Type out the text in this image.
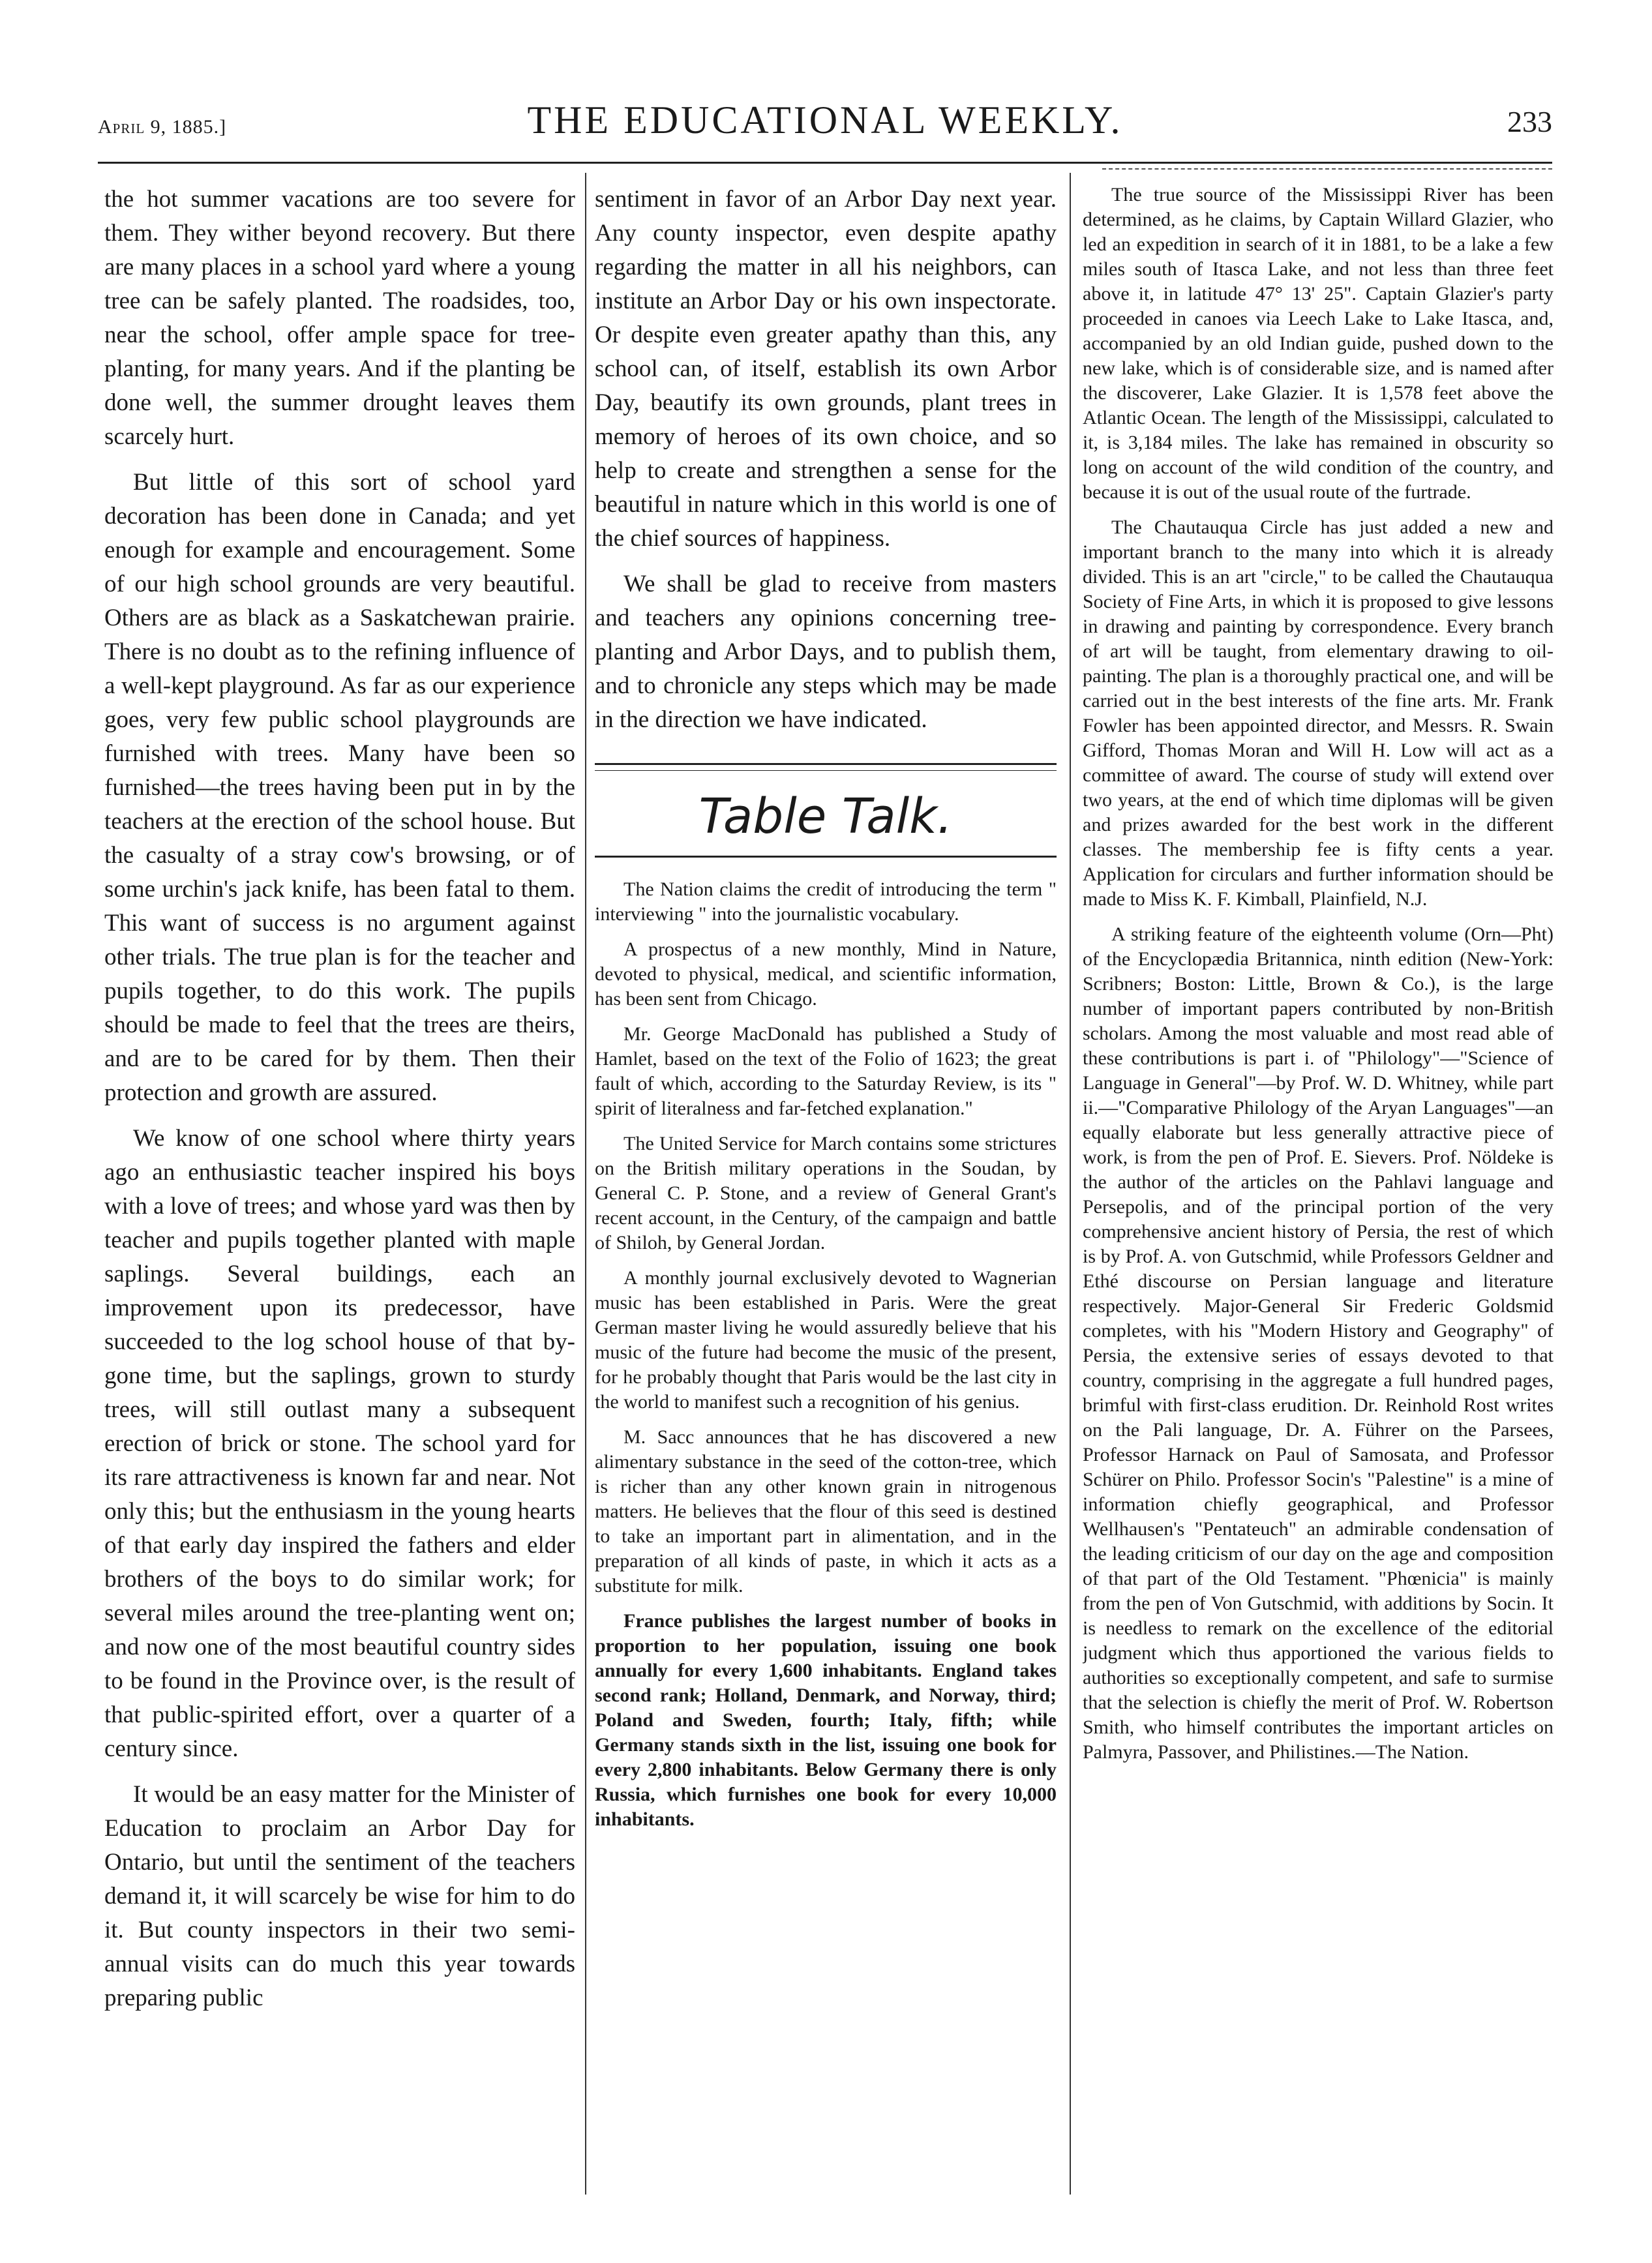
April 9, 1885.]	THE EDUCATIONAL WEEKLY.	233

the hot summer vacations are too severe for them. They wither beyond recovery. But there are many places in a school yard where a young tree can be safely planted. The roadsides, too, near the school, offer ample space for tree-planting, for many years. And if the planting be done well, the summer drought leaves them scarcely hurt.

But little of this sort of school yard decoration has been done in Canada; and yet enough for example and encouragement. Some of our high school grounds are very beautiful. Others are as black as a Saskatchewan prairie. There is no doubt as to the refining influence of a well-kept playground. As far as our experience goes, very few public school playgrounds are furnished with trees. Many have been so furnished—the trees having been put in by the teachers at the erection of the school house. But the casualty of a stray cow's browsing, or of some urchin's jack knife, has been fatal to them. This want of success is no argument against other trials. The true plan is for the teacher and pupils together, to do this work. The pupils should be made to feel that the trees are theirs, and are to be cared for by them. Then their protection and growth are assured.

We know of one school where thirty years ago an enthusiastic teacher inspired his boys with a love of trees; and whose yard was then by teacher and pupils together planted with maple saplings. Several buildings, each an improvement upon its predecessor, have succeeded to the log school house of that by-gone time, but the saplings, grown to sturdy trees, will still outlast many a subsequent erection of brick or stone. The school yard for its rare attractiveness is known far and near. Not only this; but the enthusiasm in the young hearts of that early day inspired the fathers and elder brothers of the boys to do similar work; for several miles around the tree-planting went on; and now one of the most beautiful country sides to be found in the Province over, is the result of that public-spirited effort, over a quarter of a century since.

It would be an easy matter for the Minister of Education to proclaim an Arbor Day for Ontario, but until the sentiment of the teachers demand it, it will scarcely be wise for him to do it. But county inspectors in their two semi-annual visits can do much this year towards preparing public

sentiment in favor of an Arbor Day next year. Any county inspector, even despite apathy regarding the matter in all his neighbors, can institute an Arbor Day or his own inspectorate. Or despite even greater apathy than this, any school can, of itself, establish its own Arbor Day, beautify its own grounds, plant trees in memory of heroes of its own choice, and so help to create and strengthen a sense for the beautiful in nature which in this world is one of the chief sources of happiness.

We shall be glad to receive from masters and teachers any opinions concerning tree-planting and Arbor Days, and to publish them, and to chronicle any steps which may be made in the direction we have indicated.

Table Talk.

The Nation claims the credit of introducing the term " interviewing " into the journalistic vocabulary.

A prospectus of a new monthly, Mind in Nature, devoted to physical, medical, and scientific information, has been sent from Chicago.

Mr. George MacDonald has published a Study of Hamlet, based on the text of the Folio of 1623; the great fault of which, according to the Saturday Review, is its " spirit of literalness and far-fetched explanation."

The United Service for March contains some strictures on the British military operations in the Soudan, by General C. P. Stone, and a review of General Grant's recent account, in the Century, of the campaign and battle of Shiloh, by General Jordan.

A monthly journal exclusively devoted to Wagnerian music has been established in Paris. Were the great German master living he would assuredly believe that his music of the future had become the music of the present, for he probably thought that Paris would be the last city in the world to manifest such a recognition of his genius.

M. Sacc announces that he has discovered a new alimentary substance in the seed of the cotton-tree, which is richer than any other known grain in nitrogenous matters. He believes that the flour of this seed is destined to take an important part in alimentation, and in the preparation of all kinds of paste, in which it acts as a substitute for milk.

France publishes the largest number of books in proportion to her population, issuing one book annually for every 1,600 inhabitants. England takes second rank; Holland, Denmark, and Norway, third; Poland and Sweden, fourth; Italy, fifth; while Germany stands sixth in the list, issuing one book for every 2,800 inhabitants. Below Germany there is only Russia, which furnishes one book for every 10,000 inhabitants.

The true source of the Mississippi River has been determined, as he claims, by Captain Willard Glazier, who led an expedition in search of it in 1881, to be a lake a few miles south of Itasca Lake, and not less than three feet above it, in latitude 47° 13' 25". Captain Glazier's party proceeded in canoes via Leech Lake to Lake Itasca, and, accompanied by an old Indian guide, pushed down to the new lake, which is of considerable size, and is named after the discoverer, Lake Glazier. It is 1,578 feet above the Atlantic Ocean. The length of the Mississippi, calculated to it, is 3,184 miles. The lake has remained in obscurity so long on account of the wild condition of the country, and because it is out of the usual route of the furtrade.

The Chautauqua Circle has just added a new and important branch to the many into which it is already divided. This is an art "circle," to be called the Chautauqua Society of Fine Arts, in which it is proposed to give lessons in drawing and painting by correspondence. Every branch of art will be taught, from elementary drawing to oil-painting. The plan is a thoroughly practical one, and will be carried out in the best interests of the fine arts. Mr. Frank Fowler has been appointed director, and Messrs. R. Swain Gifford, Thomas Moran and Will H. Low will act as a committee of award. The course of study will extend over two years, at the end of which time diplomas will be given and prizes awarded for the best work in the different classes. The membership fee is fifty cents a year. Application for circulars and further information should be made to Miss K. F. Kimball, Plainfield, N.J.

A striking feature of the eighteenth volume (Orn—Pht) of the Encyclopædia Britannica, ninth edition (New-York: Scribners; Boston: Little, Brown & Co.), is the large number of important papers contributed by non-British scholars. Among the most valuable and most read able of these contributions is part i. of "Philology"—"Science of Language in General"—by Prof. W. D. Whitney, while part ii.—"Comparative Philology of the Aryan Languages"—an equally elaborate but less generally attractive piece of work, is from the pen of Prof. E. Sievers. Prof. Nöldeke is the author of the articles on the Pahlavi language and Persepolis, and of the principal portion of the very comprehensive ancient history of Persia, the rest of which is by Prof. A. von Gutschmid, while Professors Geldner and Ethé discourse on Persian language and literature respectively. Major-General Sir Frederic Goldsmid completes, with his "Modern History and Geography" of Persia, the extensive series of essays devoted to that country, comprising in the aggregate a full hundred pages, brimful with first-class erudition. Dr. Reinhold Rost writes on the Pali language, Dr. A. Führer on the Parsees, Professor Harnack on Paul of Samosata, and Professor Schürer on Philo. Professor Socin's "Palestine" is a mine of information chiefly geographical, and Professor Wellhausen's "Pentateuch" an admirable condensation of the leading criticism of our day on the age and composition of that part of the Old Testament. "Phœnicia" is mainly from the pen of Von Gutschmid, with additions by Socin. It is needless to remark on the excellence of the editorial judgment which thus apportioned the various fields to authorities so exceptionally competent, and safe to surmise that the selection is chiefly the merit of Prof. W. Robertson Smith, who himself contributes the important articles on Palmyra, Passover, and Philistines.—The Nation.
